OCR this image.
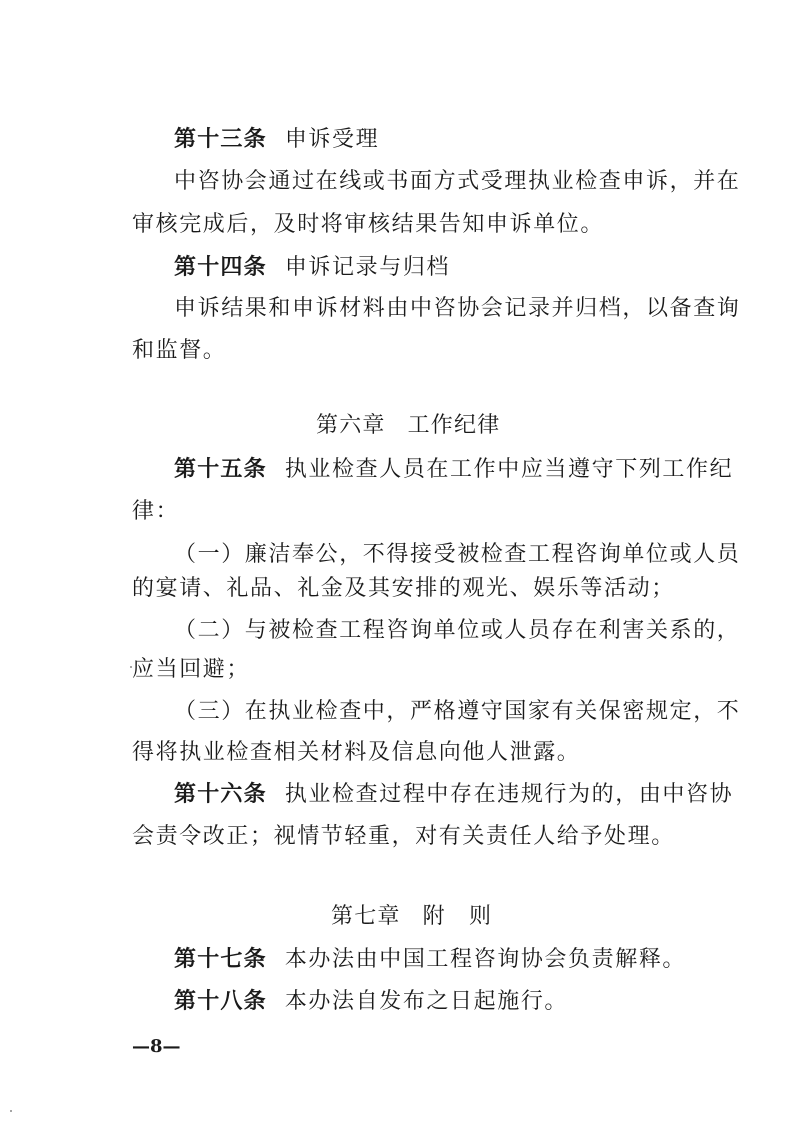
第十三条 申诉受理
中咨协会通过在线或书面方式受理执业检查申诉，并在
审核完成后，及时将审核结果告知申诉单位。
第十四条 申诉记录与归档
申诉结果和申诉材料由中咨协会记录并归档，以备查询
和监督。
第六章 工作纪律
第十五条 执业检查人员在工作中应当遵守下列工作纪
律：
（一）廉洁奉公，不得接受被检查工程咨询单位或人员
的宴请、礼品、礼金及其安排的观光、娱乐等活动；
（二）与被检查工程咨询单位或人员存在利害关系的，
应当回避；
（三）在执业检查中，严格遵守国家有关保密规定，不
得将执业检查相关材料及信息向他人泄露。
第十六条 执业检查过程中存在违规行为的，由中咨协
会责令改正；视情节轻重，对有关责任人给予处理。
第七章 附　则
第十七条 本办法由中国工程咨询协会负责解释。
第十八条 本办法自发布之日起施行。
—8—
